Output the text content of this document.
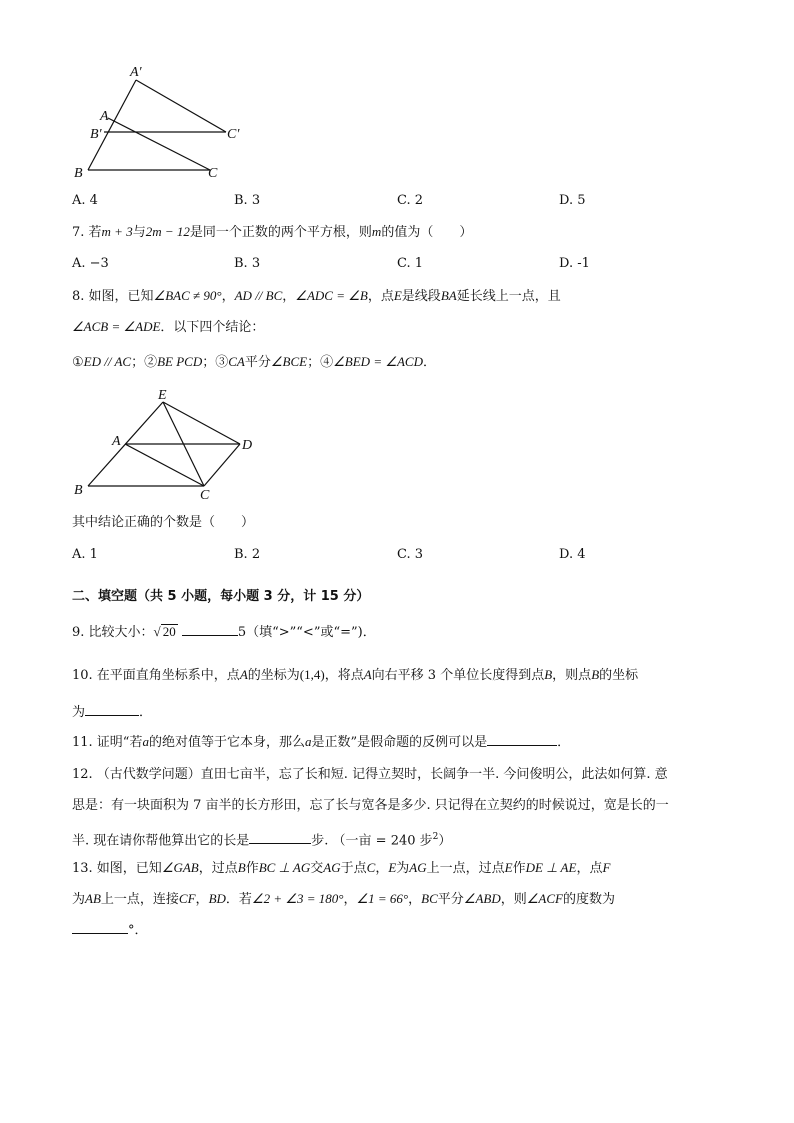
A′
A
B′	C′
B	C
A. 4	B. 3	C. 2	D. 5
7. 若m + 3与2m − 12是同一个正数的两个平方根，则m的值为（　　）
A. −3	B. 3	C. 1	D. -1
8. 如图，已知∠BAC ≠ 90°，AD // BC，∠ADC = ∠B，点E是线段BA延长线上一点，且
∠ACB = ∠ADE．以下四个结论：
①ED // AC；②BE PCD；③CA平分∠BCE；④∠BED = ∠ACD．
E
A	D
B	C
其中结论正确的个数是（　　）
A. 1	B. 2	C. 3	D. 4
二、填空题（共 5 小题，每小题 3 分，计 15 分）
9. 比较大小：√ 20	5（填“>”“<”或“=”)．
10. 在平面直角坐标系中，点A的坐标为(1,4)，将点A向右平移 3 个单位长度得到点B，则点B的坐标
为	．
11. 证明“若a的绝对值等于它本身，那么a是正数”是假命题的反例可以是	．
12. （古代数学问题）直田七亩半，忘了长和短. 记得立契时，长阔争一半. 今问俊明公，此法如何算. 意
思是：有一块面积为 7 亩半的长方形田，忘了长与宽各是多少. 只记得在立契约的时候说过，宽是长的一
半. 现在请你帮他算出它的长是	步. （一亩 = 240 步$^2$）
13. 如图，已知∠GAB，过点B作BC ⊥ AG交AG于点C，E为AG上一点，过点E作DE ⊥ AE，点F
为AB上一点，连接CF，BD．若∠2 + ∠3 = 180°，∠1 = 66°，BC平分∠ABD，则∠ACF的度数为
°．
